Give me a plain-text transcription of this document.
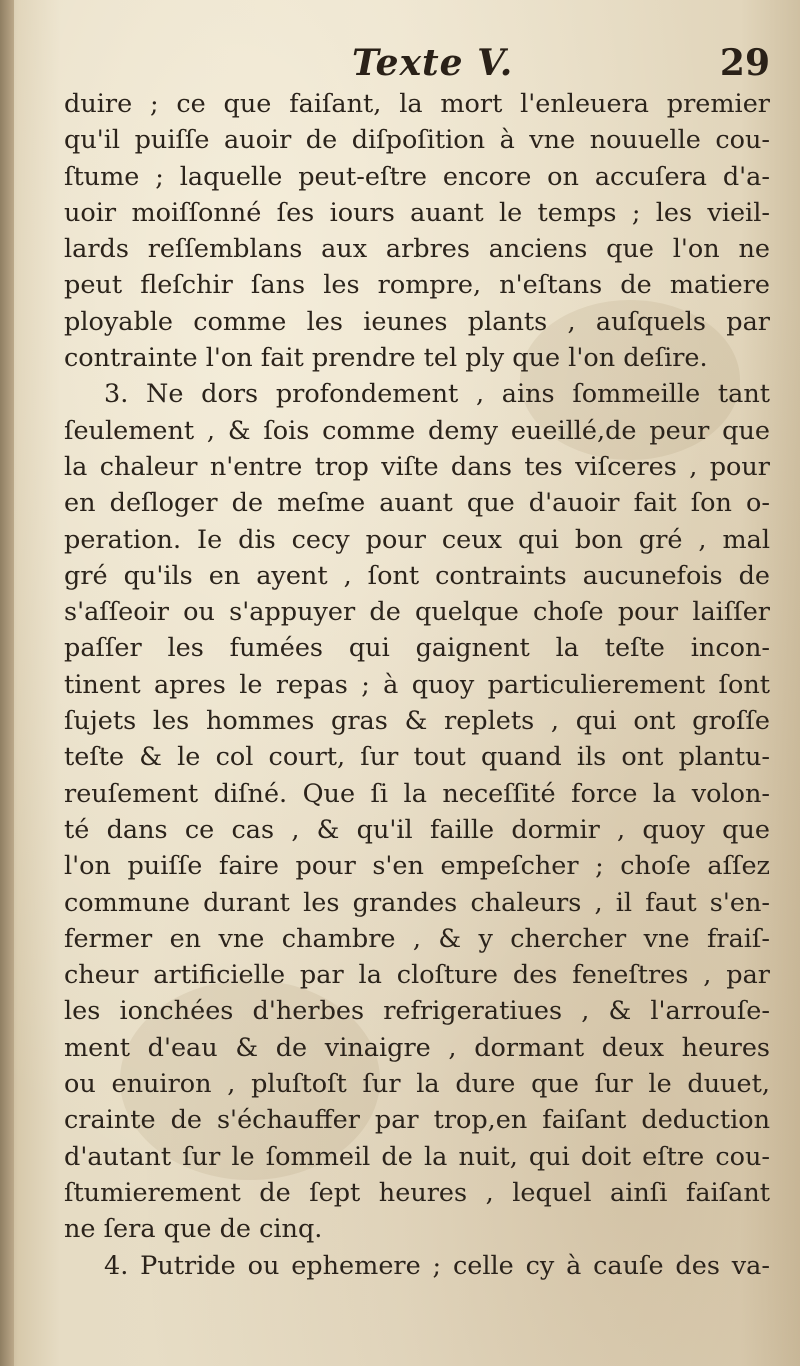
Texte V.	29
duire ; ce que faiſant, la mort l'enleuera premier
qu'il puiſſe auoir de diſpoſition à vne nouuelle cou-
ſtume ; laquelle peut-eſtre encore on accuſera d'a-
uoir moiſſonné ſes iours auant le temps ; les vieil-
lards reſſemblans aux arbres anciens que l'on ne
peut fleſchir ſans les rompre, n'eſtans de matiere
ployable comme les ieunes plants , auſquels par
contrainte l'on fait prendre tel ply que l'on deſire.
3. Ne dors profondement , ains ſommeille tant
ſeulement , & ſois comme demy eueillé,de peur que
la chaleur n'entre trop viſte dans tes viſceres , pour
en deſloger de meſme auant que d'auoir fait ſon o-
peration. Ie dis cecy pour ceux qui bon gré , mal
gré qu'ils en ayent , ſont contraints aucunefois de
s'aſſeoir ou s'appuyer de quelque choſe pour laiſſer
paſſer les fumées qui gaignent la teſte incon-
tinent apres le repas ; à quoy particulierement ſont
ſujets les hommes gras & replets , qui ont groſſe
teſte & le col court, ſur tout quand ils ont plantu-
reuſement diſné. Que ſi la neceſſité force la volon-
té dans ce cas , & qu'il faille dormir , quoy que
l'on puiſſe faire pour s'en empeſcher ; choſe aſſez
commune durant les grandes chaleurs , il faut s'en-
fermer en vne chambre , & y chercher vne fraiſ-
cheur artificielle par la cloſture des feneſtres , par
les ionchées d'herbes refrigeratiues , & l'arrouſe-
ment d'eau & de vinaigre , dormant deux heures
ou enuiron , pluſtoſt ſur la dure que ſur le duuet,
crainte de s'échauffer par trop,en faiſant deduction
d'autant ſur le ſommeil de la nuit, qui doit eſtre cou-
ſtumierement de ſept heures , lequel ainſi faiſant
ne ſera que de cinq.
4. Putride ou ephemere ; celle cy à cauſe des va-
